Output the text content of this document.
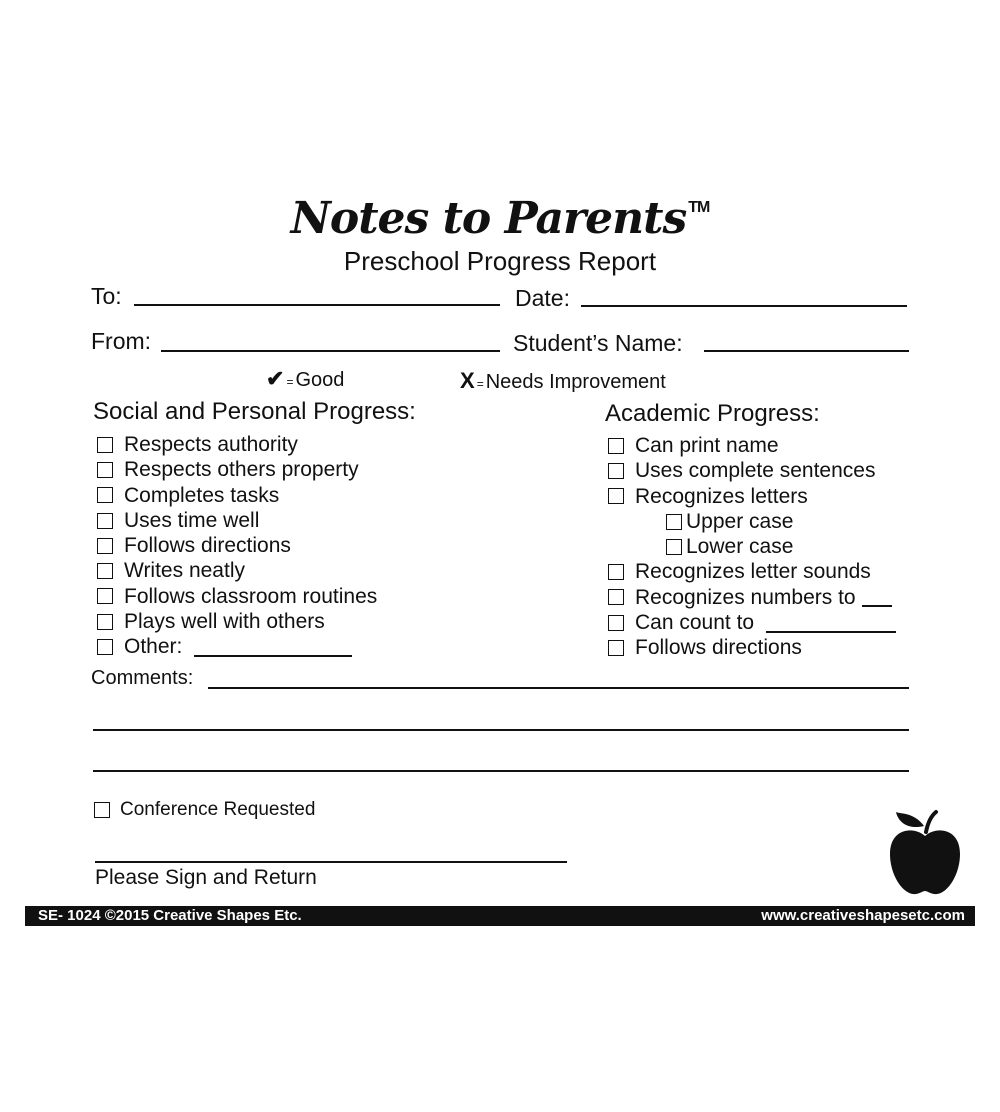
Notes to Parents ™
Preschool Progress Report
To:	Date:
From:	Student’s Name:
✔ = Good	X = Needs Improvement
Social and Personal Progress:
Respects authority
Respects others property
Completes tasks
Uses time well
Follows directions
Writes neatly
Follows classroom routines
Plays well with others
Other:
Academic Progress:
Can print name
Uses complete sentences
Recognizes letters
Upper case
Lower case
Recognizes letter sounds
Recognizes numbers to
Can count to
Follows directions
Comments:
Conference Requested
Please Sign and Return
SE- 1024 ©2015 Creative Shapes Etc.	www.creativeshapesetc.com
